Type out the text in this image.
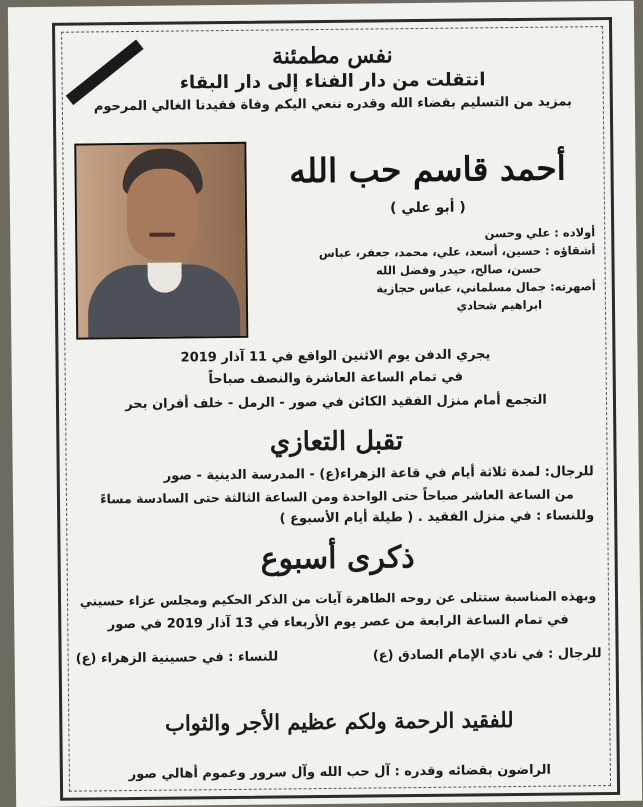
نفس مطمئنة
انتقلت من دار الفناء إلى دار البقاء
بمزيد من التسليم بقضاء الله وقدره ننعي اليكم وفاة فقيدنا الغالي المرحوم
أحمد قاسم حب الله
( أبو علي )
أولاده : علي وحسن
أشقاؤه : حسين، أسعد، علي، محمد، جعفر، عباس
حسن، صالح، حيدر وفضل الله
أصهرته: جمال مسلماني، عباس حجازية
ابراهيم شحادي
يجري الدفن يوم الاثنين الواقع في 11 آذار 2019
في تمام الساعة العاشرة والنصف صباحاً
التجمع أمام منزل الفقيد الكائن في صور - الرمل - خلف أفران بحر
تقبل التعازي
للرجال: لمدة ثلاثة أيام في قاعة الزهراء(ع) - المدرسة الدينية - صور
من الساعة العاشر صباحاً حتى الواحدة ومن الساعة الثالثة حتى السادسة مساءً
وللنساء : في منزل الفقيد . ( طيلة أيام الأسبوع )
ذكرى أسبوع
وبهذه المناسبة ستتلى عن روحه الطاهرة آيات من الذكر الحكيم ومجلس عزاء حسيني
في تمام الساعة الرابعة من عصر يوم الأربعاء في 13 آذار 2019 في صور
للرجال : في نادي الإمام الصادق (ع)
للنساء : في حسينية الزهراء (ع)
للفقيد الرحمة ولكم عظيم الأجر والثواب
الراضون بقضائه وقدره : آل حب الله وآل سرور وعموم أهالي صور
